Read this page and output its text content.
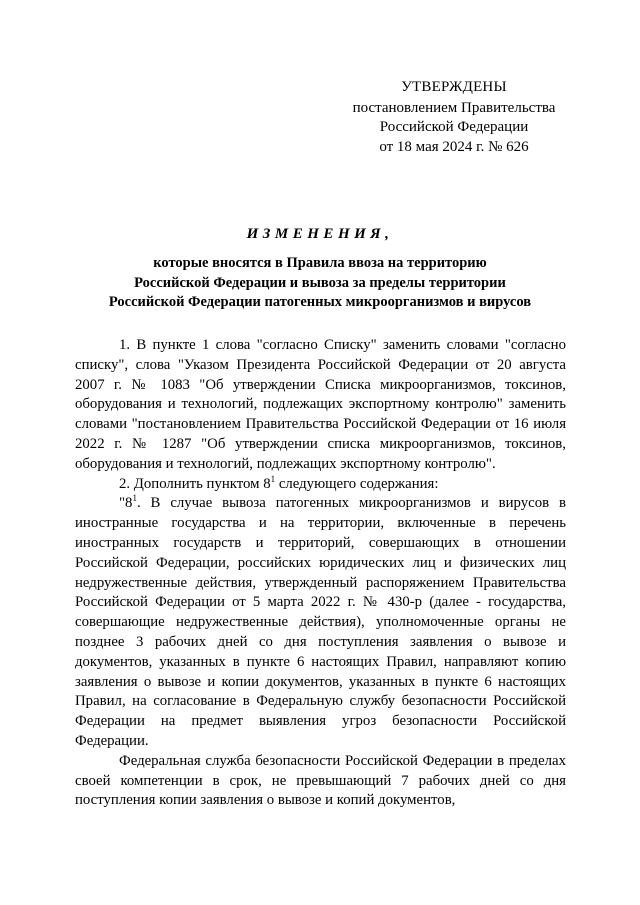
УТВЕРЖДЕНЫ
постановлением Правительства
Российской Федерации
от 18 мая 2024 г. № 626
ИЗМЕНЕНИЯ,
которые вносятся в Правила ввоза на территорию
Российской Федерации и вывоза за пределы территории
Российской Федерации патогенных микроорганизмов и вирусов

1. В пункте 1 слова "согласно Списку" заменить словами "согласно списку", слова "Указом Президента Российской Федерации от 20 августа 2007 г. № 1083 "Об утверждении Списка микроорганизмов, токсинов, оборудования и технологий, подлежащих экспортному контролю" заменить словами "постановлением Правительства Российской Федерации от 16 июля 2022 г. № 1287 "Об утверждении списка микроорганизмов, токсинов, оборудования и технологий, подлежащих экспортному контролю".

2. Дополнить пунктом $8^1$ следующего содержания:

"$8^1$. В случае вывоза патогенных микроорганизмов и вирусов в иностранные государства и на территории, включенные в перечень иностранных государств и территорий, совершающих в отношении Российской Федерации, российских юридических лиц и физических лиц недружественные действия, утвержденный распоряжением Правительства Российской Федерации от 5 марта 2022 г. № 430-р (далее - государства, совершающие недружественные действия), уполномоченные органы не позднее 3 рабочих дней со дня поступления заявления о вывозе и документов, указанных в пункте 6 настоящих Правил, направляют копию заявления о вывозе и копии документов, указанных в пункте 6 настоящих Правил, на согласование в Федеральную службу безопасности Российской Федерации на предмет выявления угроз безопасности Российской Федерации.

Федеральная служба безопасности Российской Федерации в пределах своей компетенции в срок, не превышающий 7 рабочих дней со дня поступления копии заявления о вывозе и копий документов,
